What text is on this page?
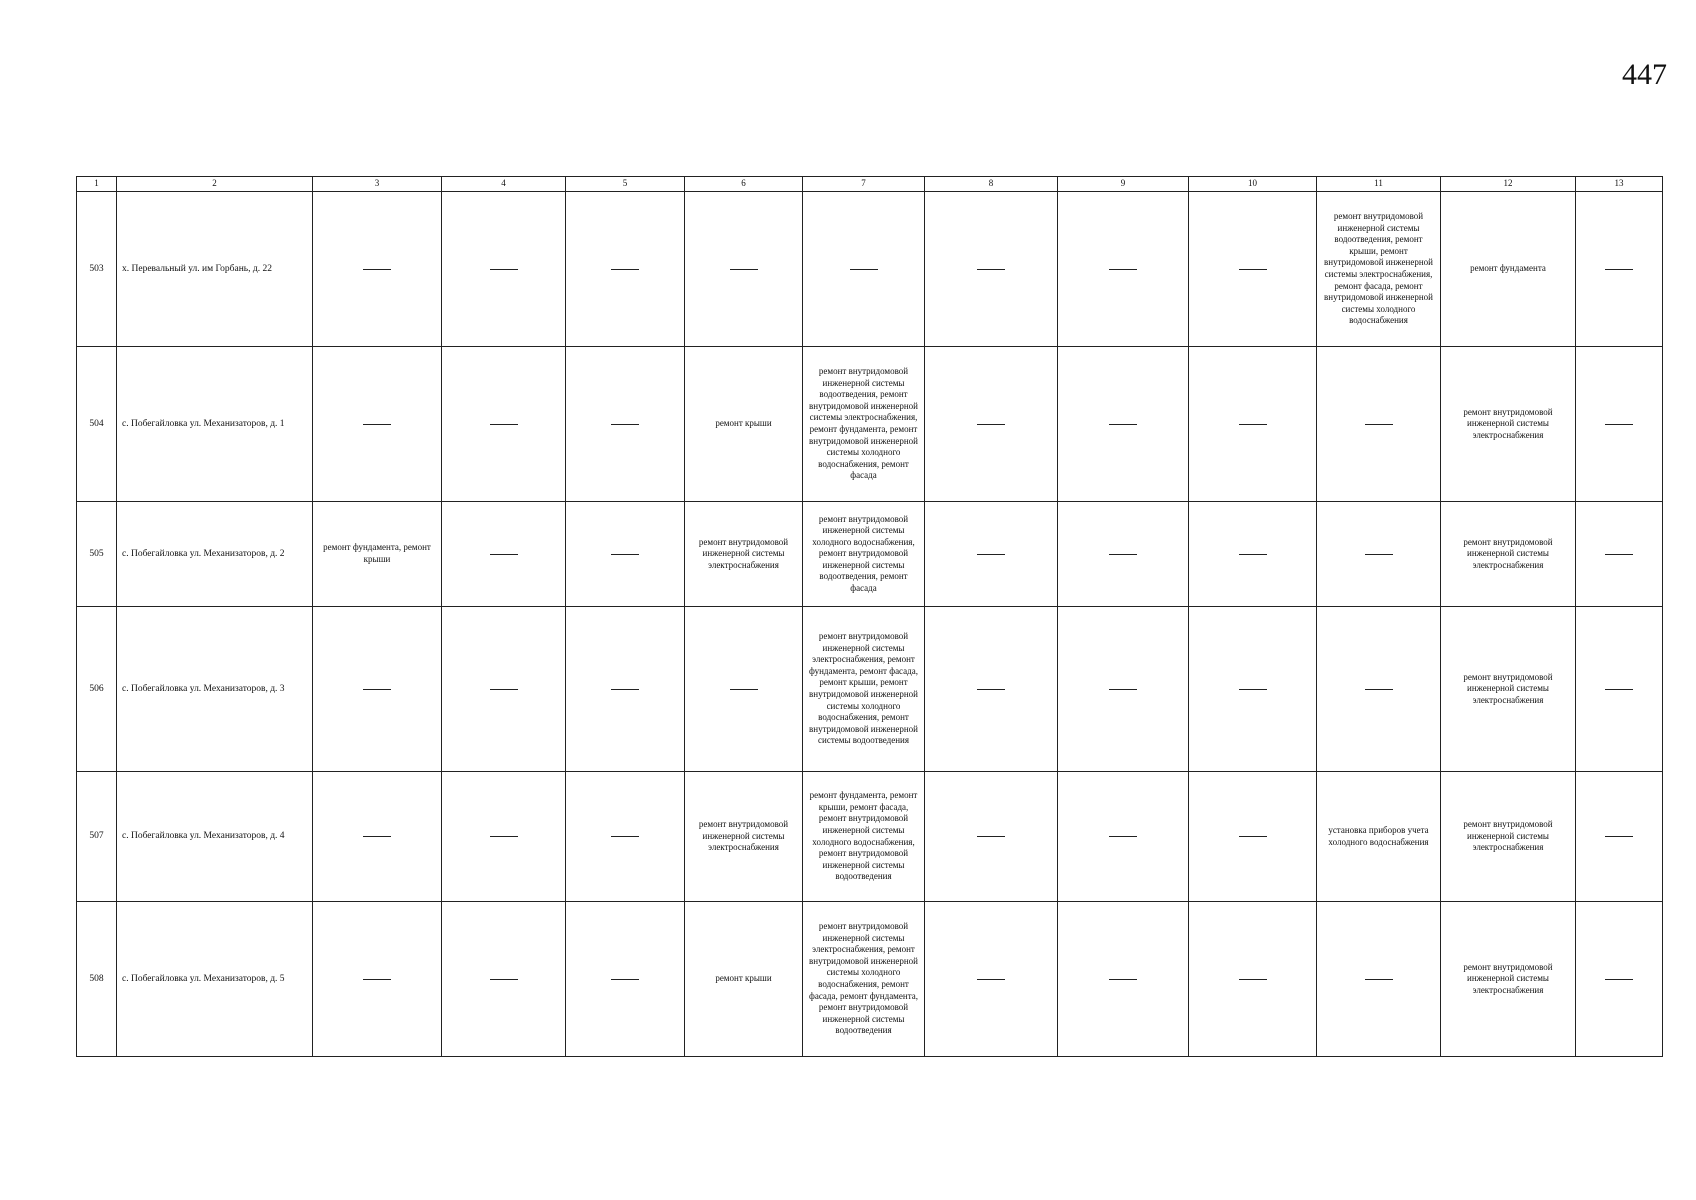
447
1	2	3	4	5	6	7	8	9	10	11	12	13
503	х. Перевальный ул. им Горбань, д. 22									ремонт внутридомовой инженерной системы водоотведения, ремонт крыши, ремонт внутридомовой инженерной системы электроснабжения, ремонт фасада, ремонт внутридомовой инженерной системы холодного водоснабжения	ремонт фундамента	
504	с. Побегайловка ул. Механизаторов, д. 1				ремонт крыши	ремонт внутридомовой инженерной системы водоотведения, ремонт внутридомовой инженерной системы электроснабжения, ремонт фундамента, ремонт внутридомовой инженерной системы холодного водоснабжения, ремонт фасада					ремонт внутридомовой инженерной системы электроснабжения	
505	с. Побегайловка ул. Механизаторов, д. 2	ремонт фундамента, ремонт крыши			ремонт внутридомовой инженерной системы электроснабжения	ремонт внутридомовой инженерной системы холодного водоснабжения, ремонт внутридомовой инженерной системы водоотведения, ремонт фасада					ремонт внутридомовой инженерной системы электроснабжения	
506	с. Побегайловка ул. Механизаторов, д. 3					ремонт внутридомовой инженерной системы электроснабжения, ремонт фундамента, ремонт фасада, ремонт крыши, ремонт внутридомовой инженерной системы холодного водоснабжения, ремонт внутридомовой инженерной системы водоотведения					ремонт внутридомовой инженерной системы электроснабжения	
507	с. Побегайловка ул. Механизаторов, д. 4				ремонт внутридомовой инженерной системы электроснабжения	ремонт фундамента, ремонт крыши, ремонт фасада, ремонт внутридомовой инженерной системы холодного водоснабжения, ремонт внутридомовой инженерной системы водоотведения				установка приборов учета холодного водоснабжения	ремонт внутридомовой инженерной системы электроснабжения	
508	с. Побегайловка ул. Механизаторов, д. 5				ремонт крыши	ремонт внутридомовой инженерной системы электроснабжения, ремонт внутридомовой инженерной системы холодного водоснабжения, ремонт фасада, ремонт фундамента, ремонт внутридомовой инженерной системы водоотведения					ремонт внутридомовой инженерной системы электроснабжения	
